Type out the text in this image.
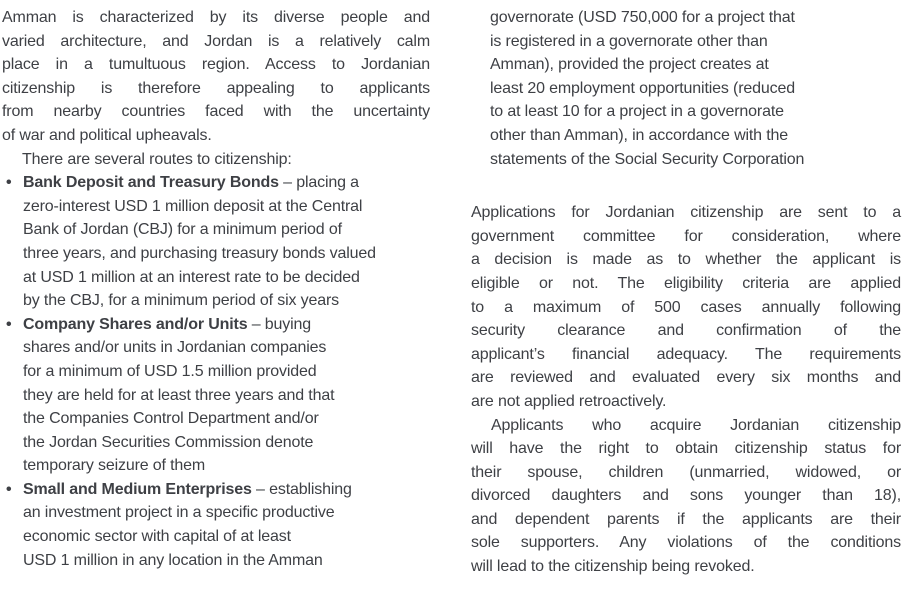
Amman is characterized by its diverse people and
varied architecture, and Jordan is a relatively calm
place in a tumultuous region. Access to Jordanian
citizenship is therefore appealing to applicants
from nearby countries faced with the uncertainty
of war and political upheavals.
There are several routes to citizenship:
• Bank Deposit and Treasury Bonds – placing a
zero-interest USD 1 million deposit at the Central
Bank of Jordan (CBJ) for a minimum period of
three years, and purchasing treasury bonds valued
at USD 1 million at an interest rate to be decided
by the CBJ, for a minimum period of six years
• Company Shares and/or Units – buying
shares and/or units in Jordanian companies
for a minimum of USD 1.5 million provided
they are held for at least three years and that
the Companies Control Department and/or
the Jordan Securities Commission denote
temporary seizure of them
• Small and Medium Enterprises – establishing
an investment project in a specific productive
economic sector with capital of at least
USD 1 million in any location in the Amman
governorate (USD 750,000 for a project that
is registered in a governorate other than
Amman), provided the project creates at
least 20 employment opportunities (reduced
to at least 10 for a project in a governorate
other than Amman), in accordance with the
statements of the Social Security Corporation
Applications for Jordanian citizenship are sent to a
government committee for consideration, where
a decision is made as to whether the applicant is
eligible or not. The eligibility criteria are applied
to a maximum of 500 cases annually following
security clearance and confirmation of the
applicant’s financial adequacy. The requirements
are reviewed and evaluated every six months and
are not applied retroactively.
Applicants who acquire Jordanian citizenship
will have the right to obtain citizenship status for
their spouse, children (unmarried, widowed, or
divorced daughters and sons younger than 18),
and dependent parents if the applicants are their
sole supporters. Any violations of the conditions
will lead to the citizenship being revoked.
